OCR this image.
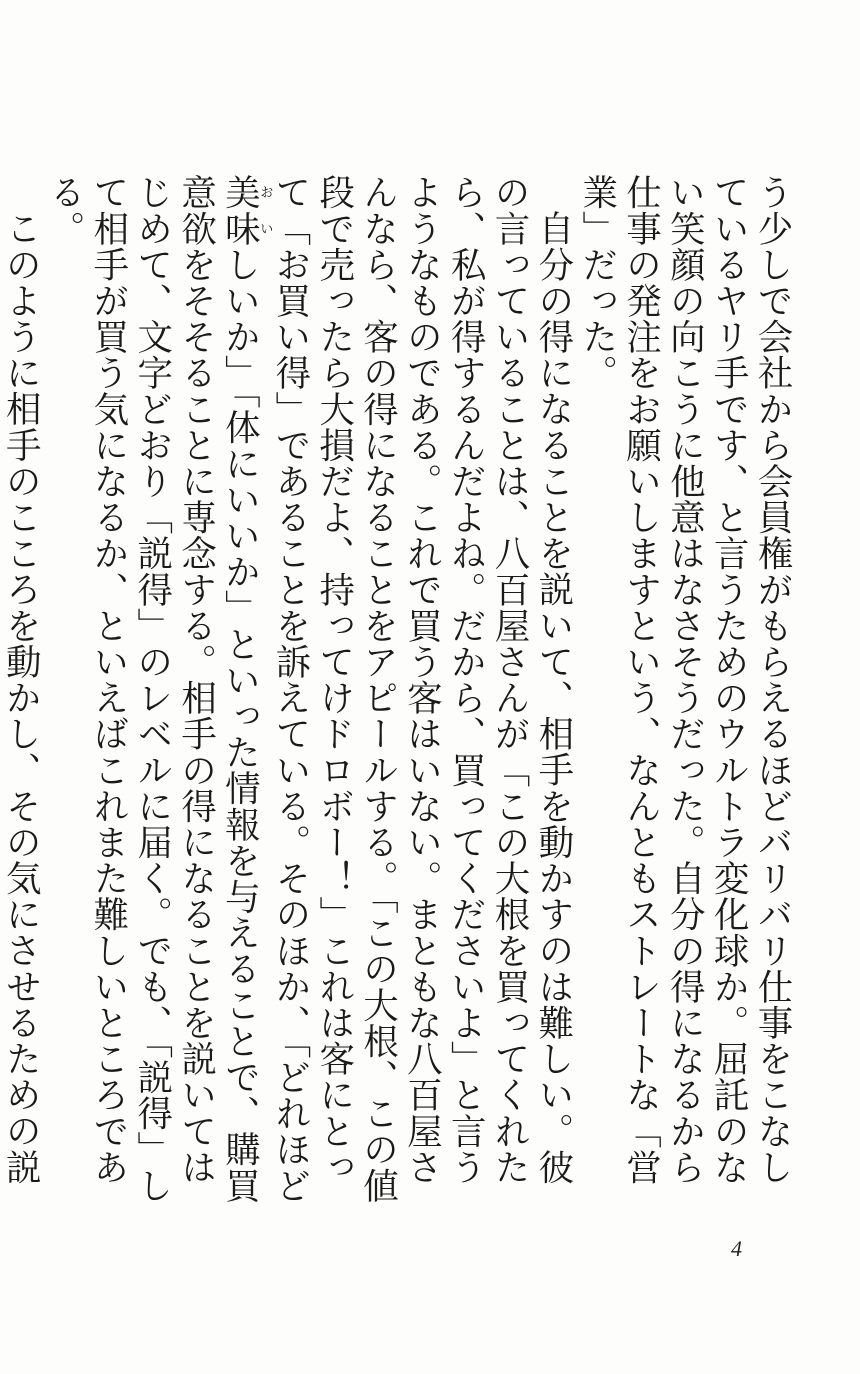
う少しで会社から会員権がもらえるほどバリバリ仕事をこなしているヤリ手です、と言うためのウルトラ変化球か。屈託のない笑顔の向こうに他意はなさそうだった。自分の得になるから仕事の発注をお願いしますという、なんともストレートな「営業」だった。

自分の得になることを説いて、相手を動かすのは難しい。彼の言っていることは、八百屋さんが「この大根を買ってくれたら、私が得するんだよね。だから、買ってくださいよ」と言うようなものである。これで買う客はいない。まともな八百屋さんなら、客の得になることをアピールする。「この大根、この値段で売ったら大損だよ、持ってけドロボー！」これは客にとって「お買い得」であることを訴えている。そのほか、「どれほど美味おいしいか」「体にいいか」といった情報を与えることで、購買意欲をそそることに専念する。相手の得になることを説いてはじめて、文字どおり「説得」のレベルに届く。でも、「説得」して相手が買う気になるか、といえばこれまた難しいところである。

このように相手のこころを動かし、その気にさせるための説

4
